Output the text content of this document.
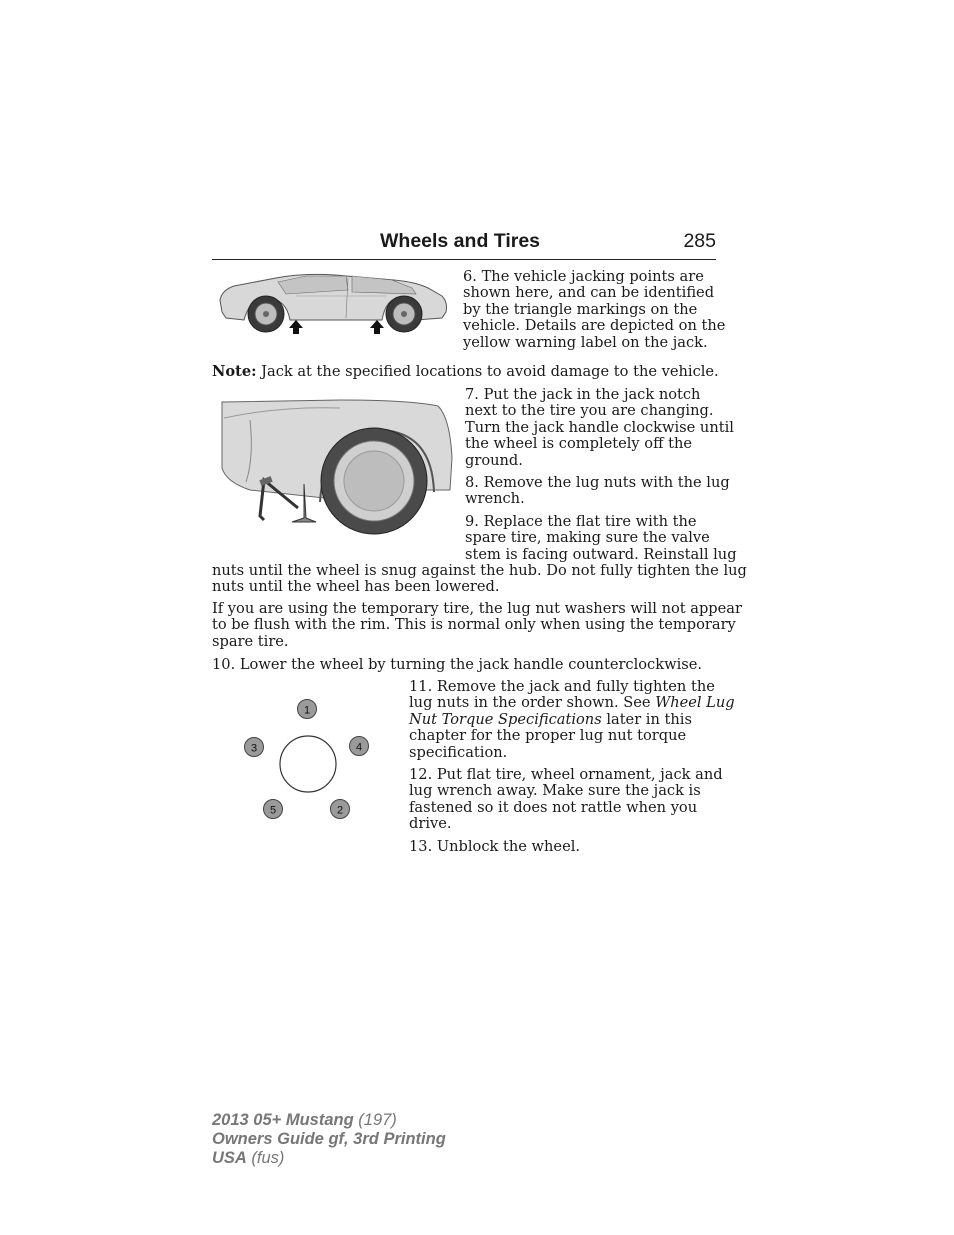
Wheels and Tires	285
6. The vehicle jacking points are
shown here, and can be identified
by the triangle markings on the
vehicle. Details are depicted on the
yellow warning label on the jack.
Note: Jack at the specified locations to avoid damage to the vehicle.
7. Put the jack in the jack notch
next to the tire you are changing.
Turn the jack handle clockwise until
the wheel is completely off the
ground.
8. Remove the lug nuts with the lug
wrench.
9. Replace the flat tire with the
spare tire, making sure the valve
stem is facing outward. Reinstall lug
nuts until the wheel is snug against the hub. Do not fully tighten the lug
nuts until the wheel has been lowered.
If you are using the temporary tire, the lug nut washers will not appear
to be flush with the rim. This is normal only when using the temporary
spare tire.
10. Lower the wheel by turning the jack handle counterclockwise.
1
2
3	4
5
11. Remove the jack and fully tighten the
lug nuts in the order shown. See Wheel Lug
Nut Torque Specifications later in this
chapter for the proper lug nut torque
specification.
12. Put flat tire, wheel ornament, jack and
lug wrench away. Make sure the jack is
fastened so it does not rattle when you
drive.
13. Unblock the wheel.
2013 05+ Mustang (197)
Owners Guide gf, 3rd Printing
USA (fus)
